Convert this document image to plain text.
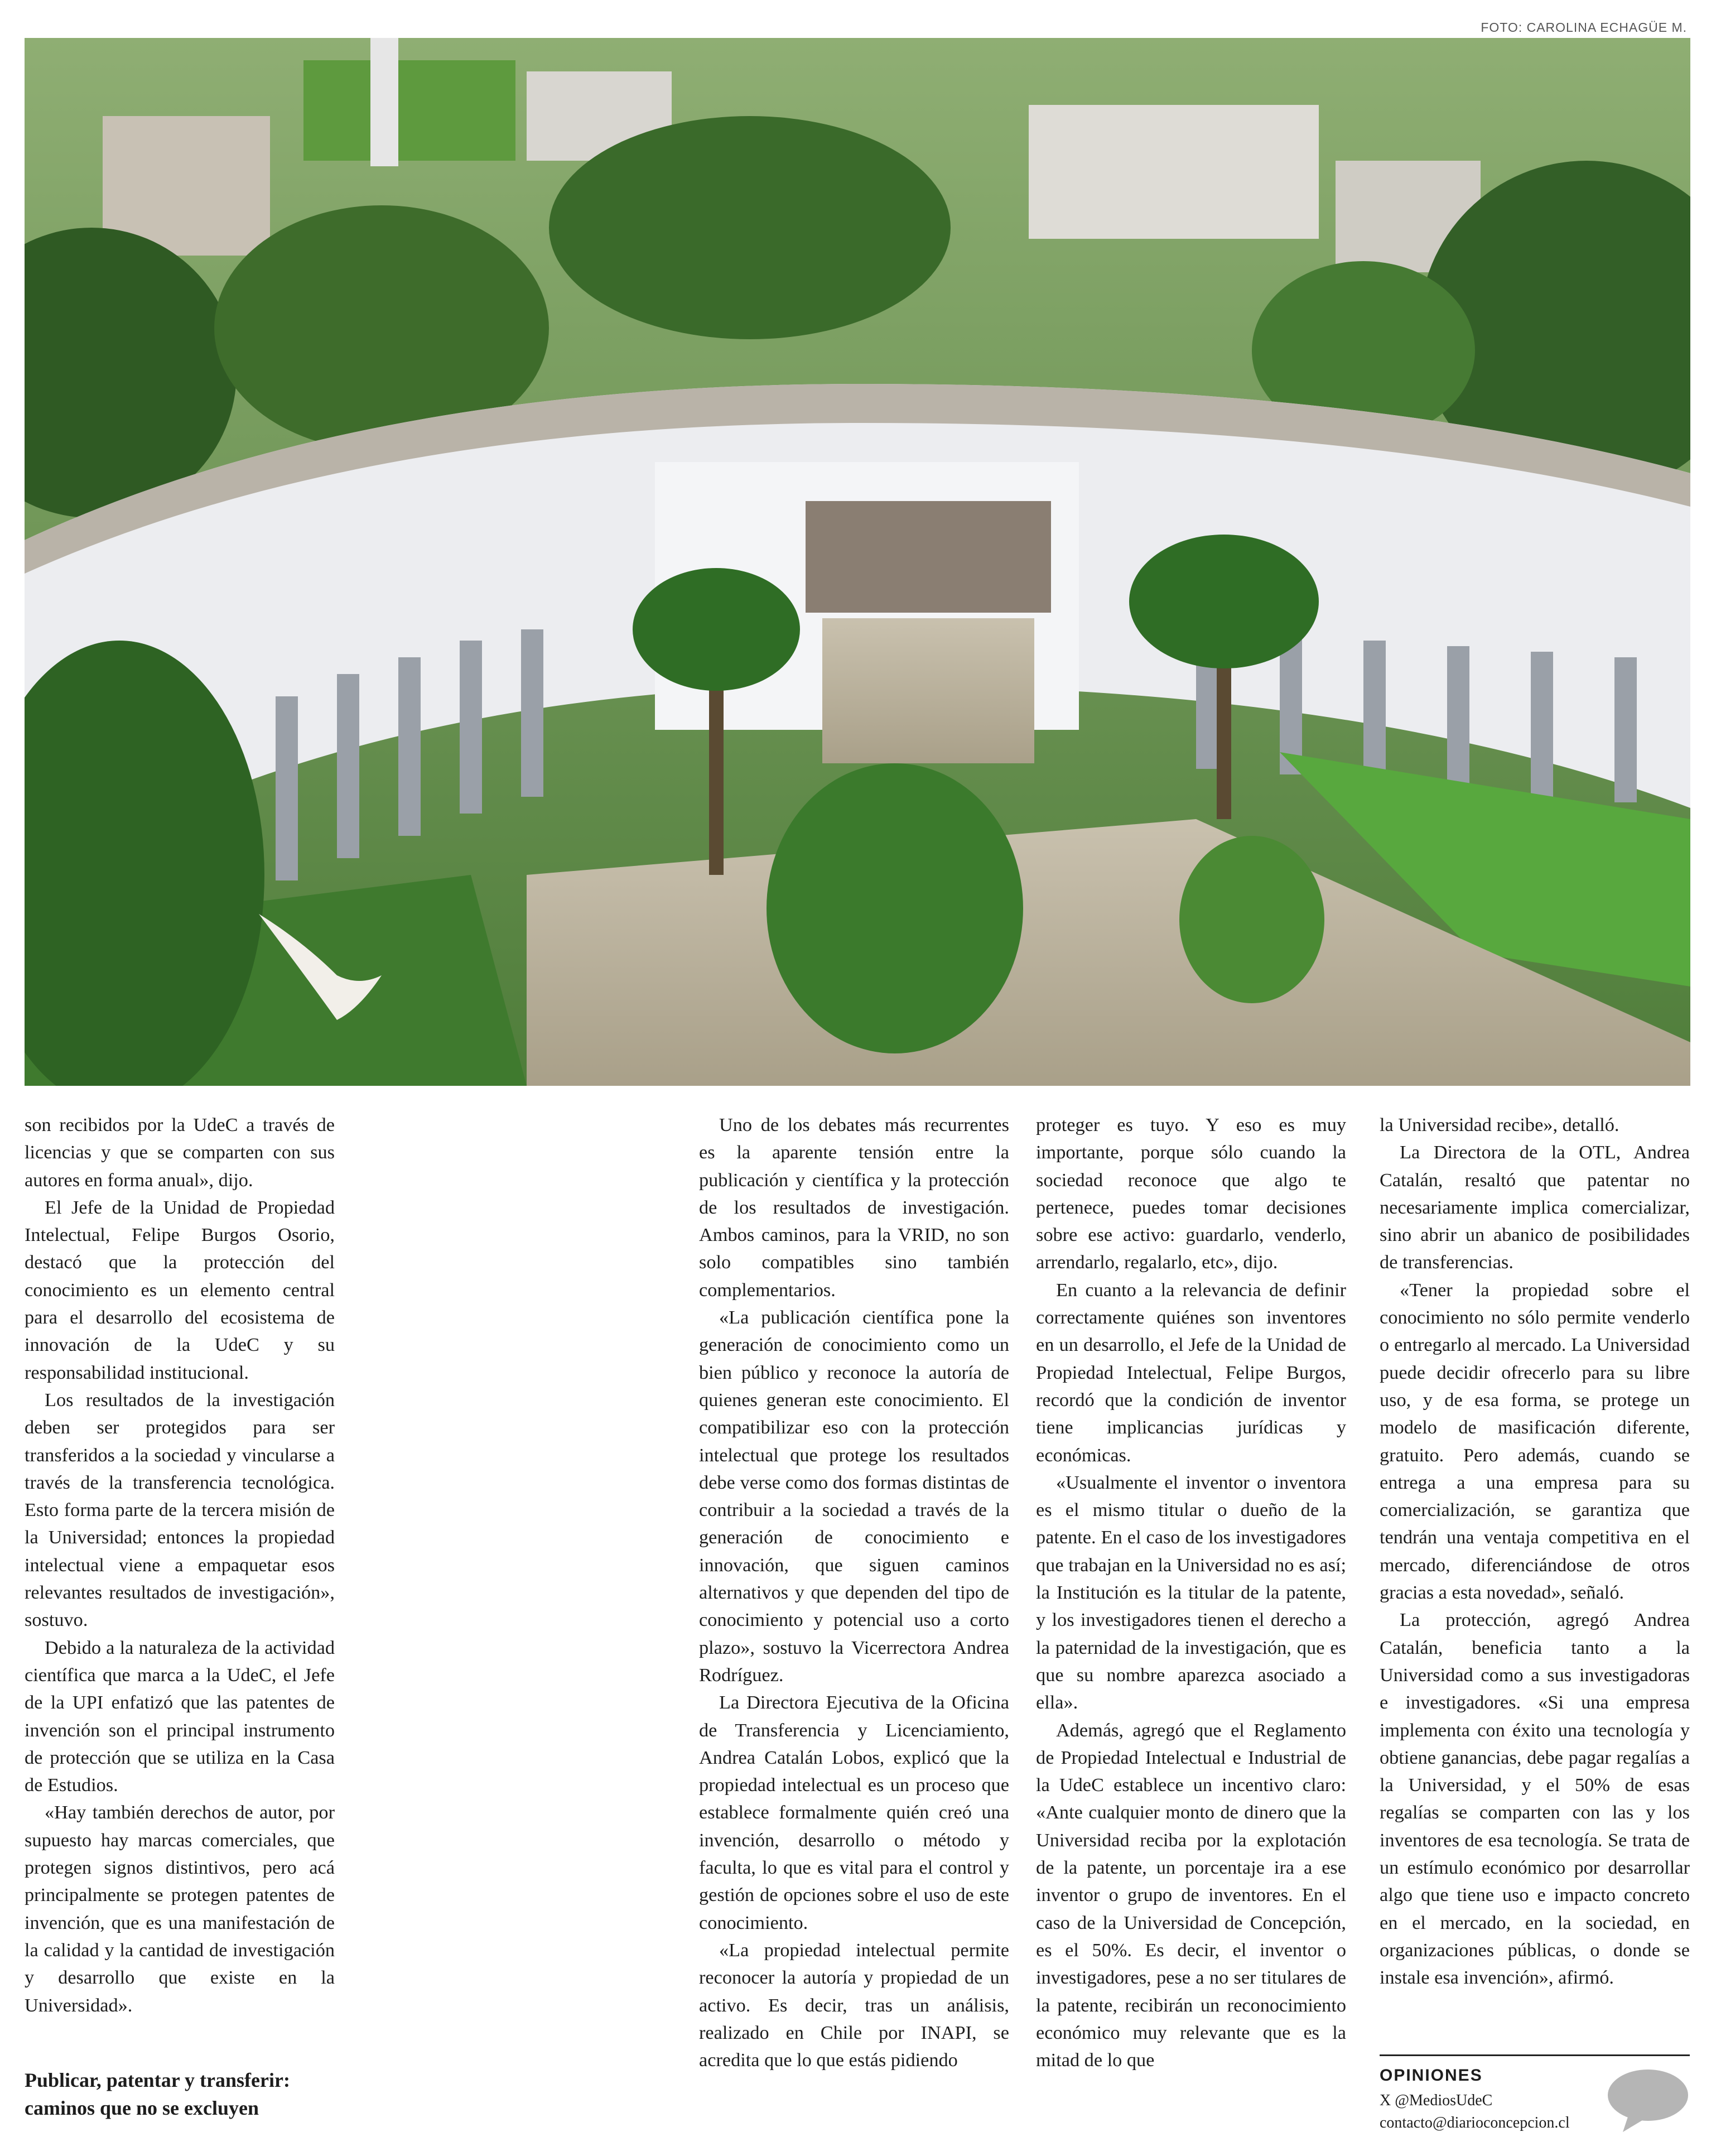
FOTO: CAROLINA ECHAGÜE M.

son recibidos por la UdeC a través de licencias y que se comparten con sus autores en forma anual», dijo.

El Jefe de la Unidad de Propiedad Intelectual, Felipe Burgos Osorio, destacó que la protección del conocimiento es un elemento central para el desarrollo del ecosistema de innovación de la UdeC y su responsabilidad institucional.

Los resultados de la investigación deben ser protegidos para ser transferidos a la sociedad y vincularse a través de la transferencia tecnológica. Esto forma parte de la tercera misión de la Universidad; entonces la propiedad intelectual viene a empaquetar esos relevantes resultados de investigación», sostuvo.

Debido a la naturaleza de la actividad científica que marca a la UdeC, el Jefe de la UPI enfatizó que las patentes de invención son el principal instrumento de protección que se utiliza en la Casa de Estudios.

«Hay también derechos de autor, por supuesto hay marcas comerciales, que protegen signos distintivos, pero acá principalmente se protegen patentes de invención, que es una manifestación de la calidad y la cantidad de investigación y desarrollo que existe en la Universidad».

Publicar, patentar y transferir:
caminos que no se excluyen

Uno de los debates más recurrentes es la aparente tensión entre la publicación y científica y la protección de los resultados de investigación. Ambos caminos, para la VRID, no son solo compatibles sino también complementarios.

«La publicación científica pone la generación de conocimiento como un bien público y reconoce la autoría de quienes generan este conocimiento. El compatibilizar eso con la protección intelectual que protege los resultados debe verse como dos formas distintas de contribuir a la sociedad a través de la generación de conocimiento e innovación, que siguen caminos alternativos y que dependen del tipo de conocimiento y potencial uso a corto plazo», sostuvo la Vicerrectora Andrea Rodríguez.

La Directora Ejecutiva de la Oficina de Transferencia y Licenciamiento, Andrea Catalán Lobos, explicó que la propiedad intelectual es un proceso que establece formalmente quién creó una invención, desarrollo o método y faculta, lo que es vital para el control y gestión de opciones sobre el uso de este conocimiento.

«La propiedad intelectual permite reconocer la autoría y propiedad de un activo. Es decir, tras un análisis, realizado en Chile por INAPI, se acredita que lo que estás pidiendo

proteger es tuyo. Y eso es muy importante, porque sólo cuando la sociedad reconoce que algo te pertenece, puedes tomar decisiones sobre ese activo: guardarlo, venderlo, arrendarlo, regalarlo, etc», dijo.

En cuanto a la relevancia de definir correctamente quiénes son inventores en un desarrollo, el Jefe de la Unidad de Propiedad Intelectual, Felipe Burgos, recordó que la condición de inventor tiene implicancias jurídicas y económicas.

«Usualmente el inventor o inventora es el mismo titular o dueño de la patente. En el caso de los investigadores que trabajan en la Universidad no es así; la Institución es la titular de la patente, y los investigadores tienen el derecho a la paternidad de la investigación, que es que su nombre aparezca asociado a ella».

Además, agregó que el Reglamento de Propiedad Intelectual e Industrial de la UdeC establece un incentivo claro: «Ante cualquier monto de dinero que la Universidad reciba por la explotación de la patente, un porcentaje ira a ese inventor o grupo de inventores. En el caso de la Universidad de Concepción, es el 50%. Es decir, el inventor o investigadores, pese a no ser titulares de la patente, recibirán un reconocimiento económico muy relevante que es la mitad de lo que

la Universidad recibe», detalló.

La Directora de la OTL, Andrea Catalán, resaltó que patentar no necesariamente implica comercializar, sino abrir un abanico de posibilidades de transferencias.

«Tener la propiedad sobre el conocimiento no sólo permite venderlo o entregarlo al mercado. La Universidad puede decidir ofrecerlo para su libre uso, y de esa forma, se protege un modelo de masificación diferente, gratuito. Pero además, cuando se entrega a una empresa para su comercialización, se garantiza que tendrán una ventaja competitiva en el mercado, diferenciándose de otros gracias a esta novedad», señaló.

La protección, agregó Andrea Catalán, beneficia tanto a la Universidad como a sus investigadoras e investigadores. «Si una empresa implementa con éxito una tecnología y obtiene ganancias, debe pagar regalías a la Universidad, y el 50% de esas regalías se comparten con las y los inventores de esa tecnología. Se trata de un estímulo económico por desarrollar algo que tiene uso e impacto concreto en el mercado, en la sociedad, en organizaciones públicas, o donde se instale esa invención», afirmó.

OPINIONES
X @MediosUdeC
contacto@diarioconcepcion.cl
